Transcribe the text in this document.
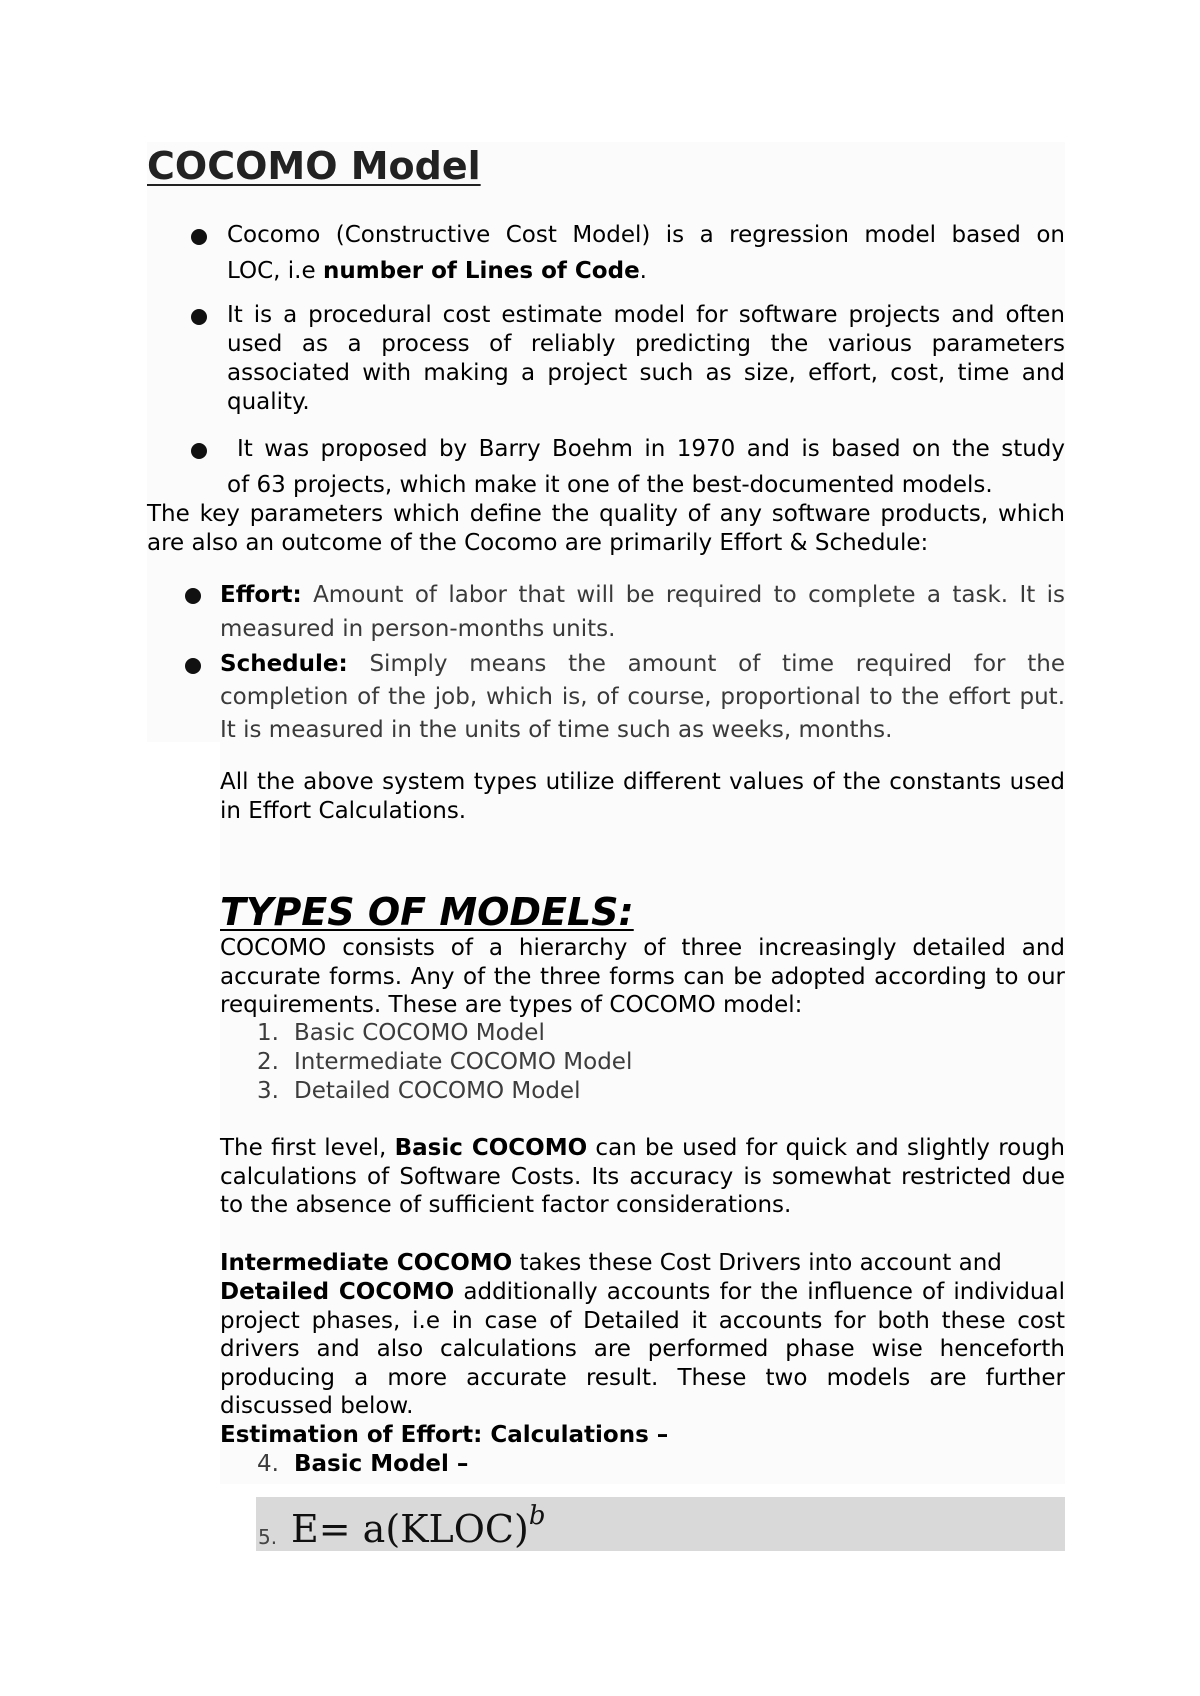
COCOMO Model
Cocomo (Constructive Cost Model) is a regression model based on
LOC, i.e number of Lines of Code.

It is a procedural cost estimate model for software projects and often used as a process of reliably predicting the various parameters associated with making a project such as size, effort, cost, time and quality.

It was proposed by Barry Boehm in 1970 and is based on the study
of 63 projects, which make it one of the best-documented models.

The key parameters which define the quality of any software products, which are also an outcome of the Cocomo are primarily Effort & Schedule:

Effort: Amount of labor that will be required to complete a task. It is measured in person-months units.

Schedule: Simply means the amount of time required for the completion of the job, which is, of course, proportional to the effort put. It is measured in the units of time such as weeks, months.

All the above system types utilize different values of the constants used in Effort Calculations.

TYPES OF MODELS:

COCOMO consists of a hierarchy of three increasingly detailed and accurate forms. Any of the three forms can be adopted according to our requirements. These are types of COCOMO model:

1. Basic COCOMO Model
2. Intermediate COCOMO Model
3. Detailed COCOMO Model

The first level, Basic COCOMO can be used for quick and slightly rough calculations of Software Costs. Its accuracy is somewhat restricted due to the absence of sufficient factor considerations.

Intermediate COCOMO takes these Cost Drivers into account and

Detailed COCOMO additionally accounts for the influence of individual project phases, i.e in case of Detailed it accounts for both these cost drivers and also calculations are performed phase wise henceforth producing a more accurate result. These two models are further discussed below.

Estimation of Effort: Calculations –
4. Basic Model –
5. E= a(KLOC)$^b$
